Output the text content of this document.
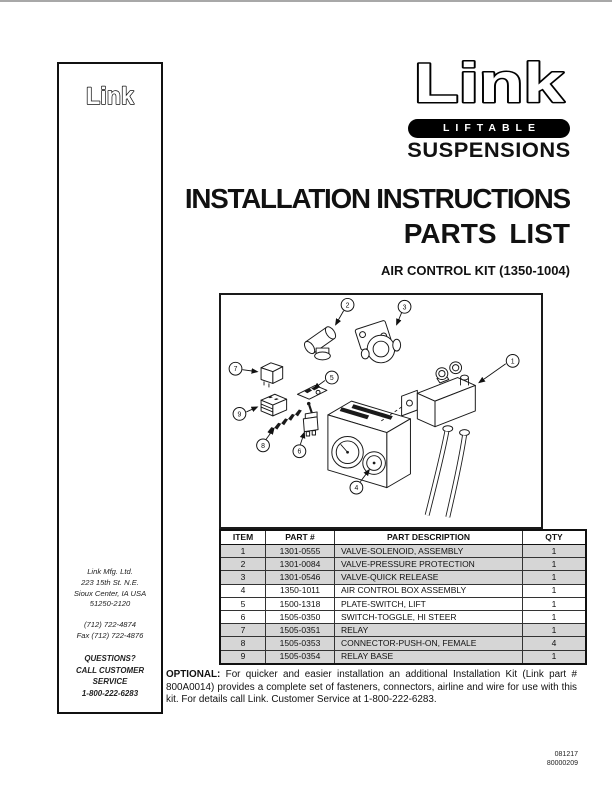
Link
Link Mfg. Ltd.
223 15th St. N.E.
Sioux Center, IA USA
51250-2120
(712) 722-4874
Fax (712) 722-4876
QUESTIONS?
CALL CUSTOMER
SERVICE
1-800-222-6283
Link
LIFTABLE
SUSPENSIONS
INSTALLATION INSTRUCTIONS
PARTS LIST
AIR CONTROL KIT (1350-1004)
1
2	3
4
5
6
7
8
9
ITEM	PART #	PART DESCRIPTION	QTY
1	1301-0555	VALVE-SOLENOID, ASSEMBLY	1
2	1301-0084	VALVE-PRESSURE PROTECTION	1
3	1301-0546	VALVE-QUICK RELEASE	1
4	1350-1011	AIR CONTROL BOX ASSEMBLY	1
5	1500-1318	PLATE-SWITCH, LIFT	1
6	1505-0350	SWITCH-TOGGLE, HI STEER	1
7	1505-0351	RELAY	1
8	1505-0353	CONNECTOR-PUSH-ON, FEMALE	4
9	1505-0354	RELAY BASE	1

OPTIONAL: For quicker and easier installation an additional Installation Kit (Link part # 800A0014) provides a complete set of fasteners, connectors, airline and wire for use with this kit. For details call Link. Customer Service at 1-800-222-6283.

081217
80000209
